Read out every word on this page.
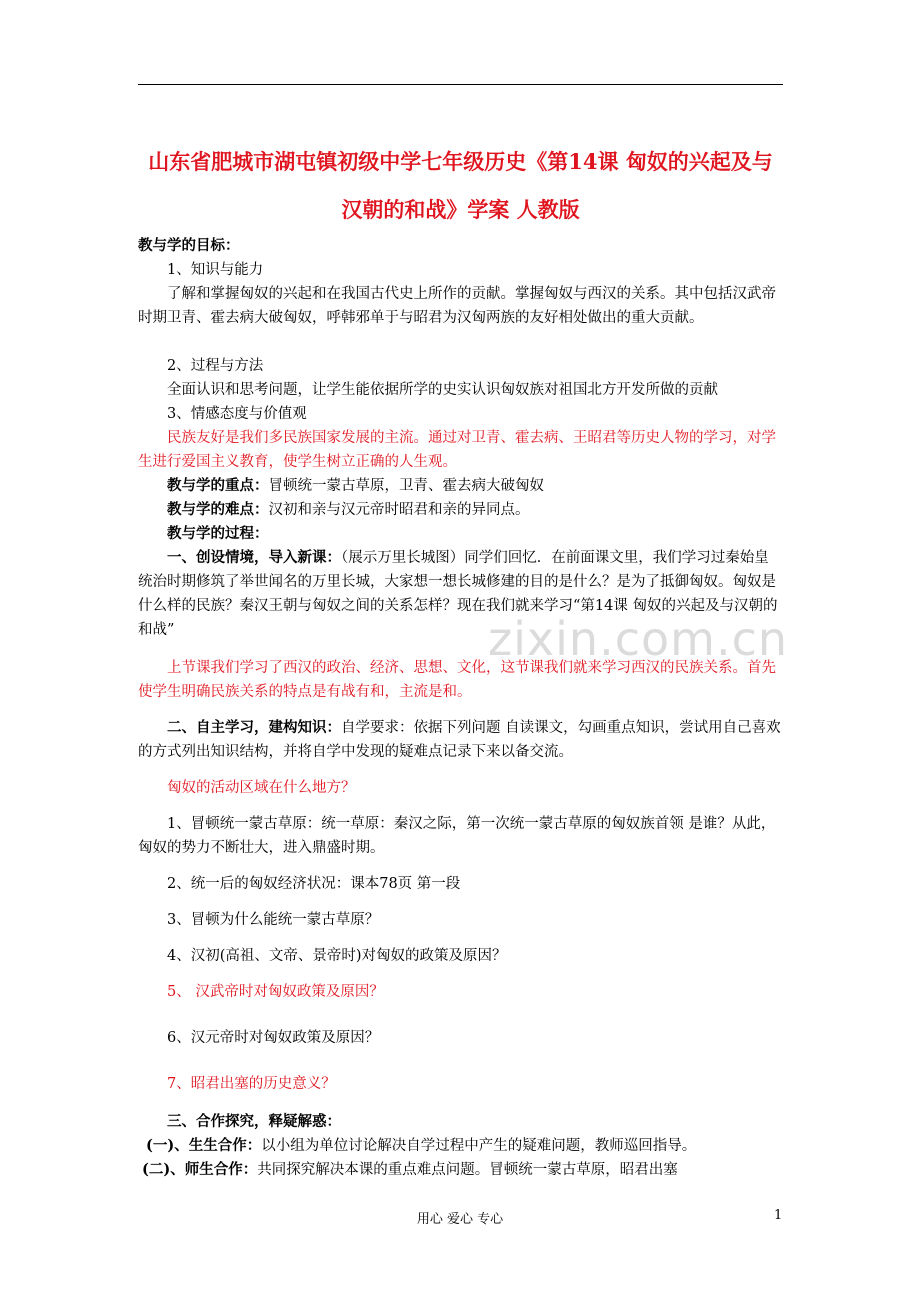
山东省肥城市湖屯镇初级中学七年级历史《第14课 匈奴的兴起及与
汉朝的和战》学案 人教版
教与学的目标：
1、知识与能力
了解和掌握匈奴的兴起和在我国古代史上所作的贡献。掌握匈奴与西汉的关系。其中包括汉武帝时期卫青、霍去病大破匈奴，呼韩邪单于与昭君为汉匈两族的友好相处做出的重大贡献。
2、过程与方法
全面认识和思考问题，让学生能依据所学的史实认识匈奴族对祖国北方开发所做的贡献
3、情感态度与价值观
民族友好是我们多民族国家发展的主流。通过对卫青、霍去病、王昭君等历史人物的学习，对学生进行爱国主义教育，使学生树立正确的人生观。
教与学的重点：冒顿统一蒙古草原，卫青、霍去病大破匈奴
教与学的难点：汉初和亲与汉元帝时昭君和亲的异同点。
教与学的过程：
一、创设情境，导入新课：（展示万里长城图）同学们回忆．在前面课文里，我们学习过秦始皇统治时期修筑了举世闻名的万里长城，大家想一想长城修建的目的是什么？是为了抵御匈奴。匈奴是什么样的民族？秦汉王朝与匈奴之间的关系怎样？现在我们就来学习“第14课 匈奴的兴起及与汉朝的和战”
上节课我们学习了西汉的政治、经济、思想、文化，这节课我们就来学习西汉的民族关系。首先使学生明确民族关系的特点是有战有和，主流是和。
二、自主学习，建构知识：自学要求：依据下列问题 自读课文，勾画重点知识，尝试用自己喜欢的方式列出知识结构，并将自学中发现的疑难点记录下来以备交流。
匈奴的活动区域在什么地方？
1、冒顿统一蒙古草原：统一草原：秦汉之际，第一次统一蒙古草原的匈奴族首领 是谁？从此，匈奴的势力不断壮大，进入鼎盛时期。
2、统一后的匈奴经济状况：课本78页 第一段
3、冒顿为什么能统一蒙古草原？
4、汉初(高祖、文帝、景帝时)对匈奴的政策及原因？
5、 汉武帝时对匈奴政策及原因？
6、汉元帝时对匈奴政策及原因？
7、昭君出塞的历史意义？
三、合作探究，释疑解惑：
(一)、生生合作：以小组为单位讨论解决自学过程中产生的疑难问题，教师巡回指导。
(二)、师生合作：共同探究解决本课的重点难点问题。冒顿统一蒙古草原，昭君出塞
zixin.com.cn
用心 爱心 专心	1
